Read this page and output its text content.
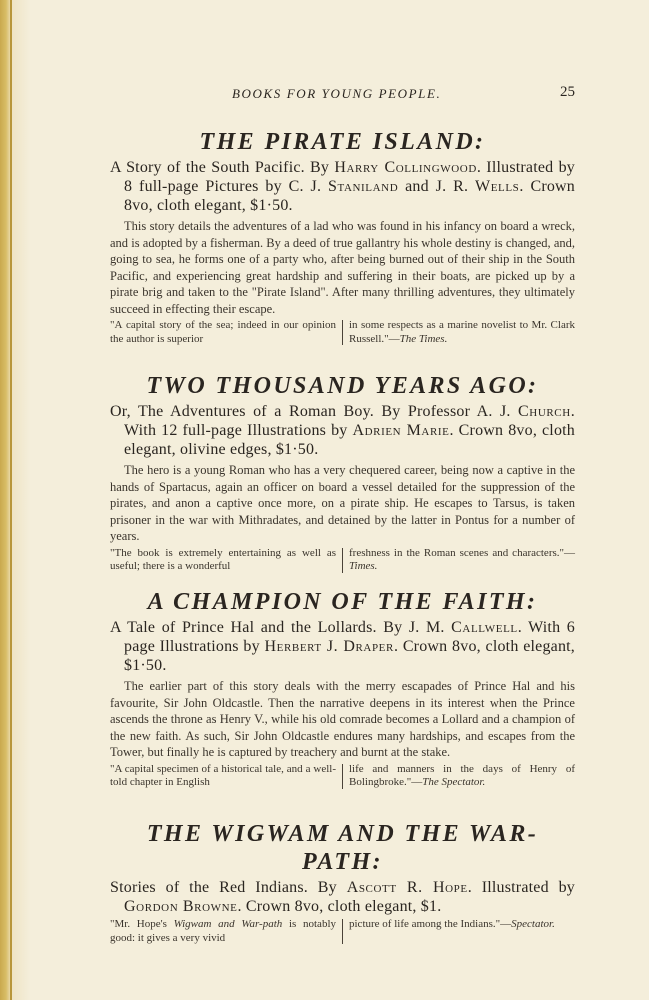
BOOKS FOR YOUNG PEOPLE.	25
THE PIRATE ISLAND:

A Story of the South Pacific. By Harry Collingwood. Illustrated by 8 full-page Pictures by C. J. Staniland and J. R. Wells. Crown 8vo, cloth elegant, $1·50.

This story details the adventures of a lad who was found in his infancy on board a wreck, and is adopted by a fisherman. By a deed of true gallantry his whole destiny is changed, and, going to sea, he forms one of a party who, after being burned out of their ship in the South Pacific, and experiencing great hardship and suffering in their boats, are picked up by a pirate brig and taken to the "Pirate Island". After many thrilling adventures, they ultimately succeed in effecting their escape.

"A capital story of the sea; indeed in our opinion the author is superior
in some respects as a marine novelist to Mr. Clark Russell."—The Times.
TWO THOUSAND YEARS AGO:

Or, The Adventures of a Roman Boy. By Professor A. J. Church. With 12 full-page Illustrations by Adrien Marie. Crown 8vo, cloth elegant, olivine edges, $1·50.

The hero is a young Roman who has a very chequered career, being now a captive in the hands of Spartacus, again an officer on board a vessel detailed for the suppression of the pirates, and anon a captive once more, on a pirate ship. He escapes to Tarsus, is taken prisoner in the war with Mithradates, and detained by the latter in Pontus for a number of years.

"The book is extremely entertaining as well as useful; there is a wonderful
freshness in the Roman scenes and characters."—Times.
A CHAMPION OF THE FAITH:

A Tale of Prince Hal and the Lollards. By J. M. Callwell. With 6 page Illustrations by Herbert J. Draper. Crown 8vo, cloth elegant, $1·50.

The earlier part of this story deals with the merry escapades of Prince Hal and his favourite, Sir John Oldcastle. Then the narrative deepens in its interest when the Prince ascends the throne as Henry V., while his old comrade becomes a Lollard and a champion of the new faith. As such, Sir John Oldcastle endures many hardships, and escapes from the Tower, but finally he is captured by treachery and burnt at the stake.

"A capital specimen of a historical tale, and a well-told chapter in English
life and manners in the days of Henry of Bolingbroke."—The Spectator.
THE WIGWAM AND THE WAR-PATH:

Stories of the Red Indians. By Ascott R. Hope. Illustrated by Gordon Browne. Crown 8vo, cloth elegant, $1.

"Mr. Hope's Wigwam and War-path is notably good: it gives a very vivid
picture of life among the Indians."—Spectator.
